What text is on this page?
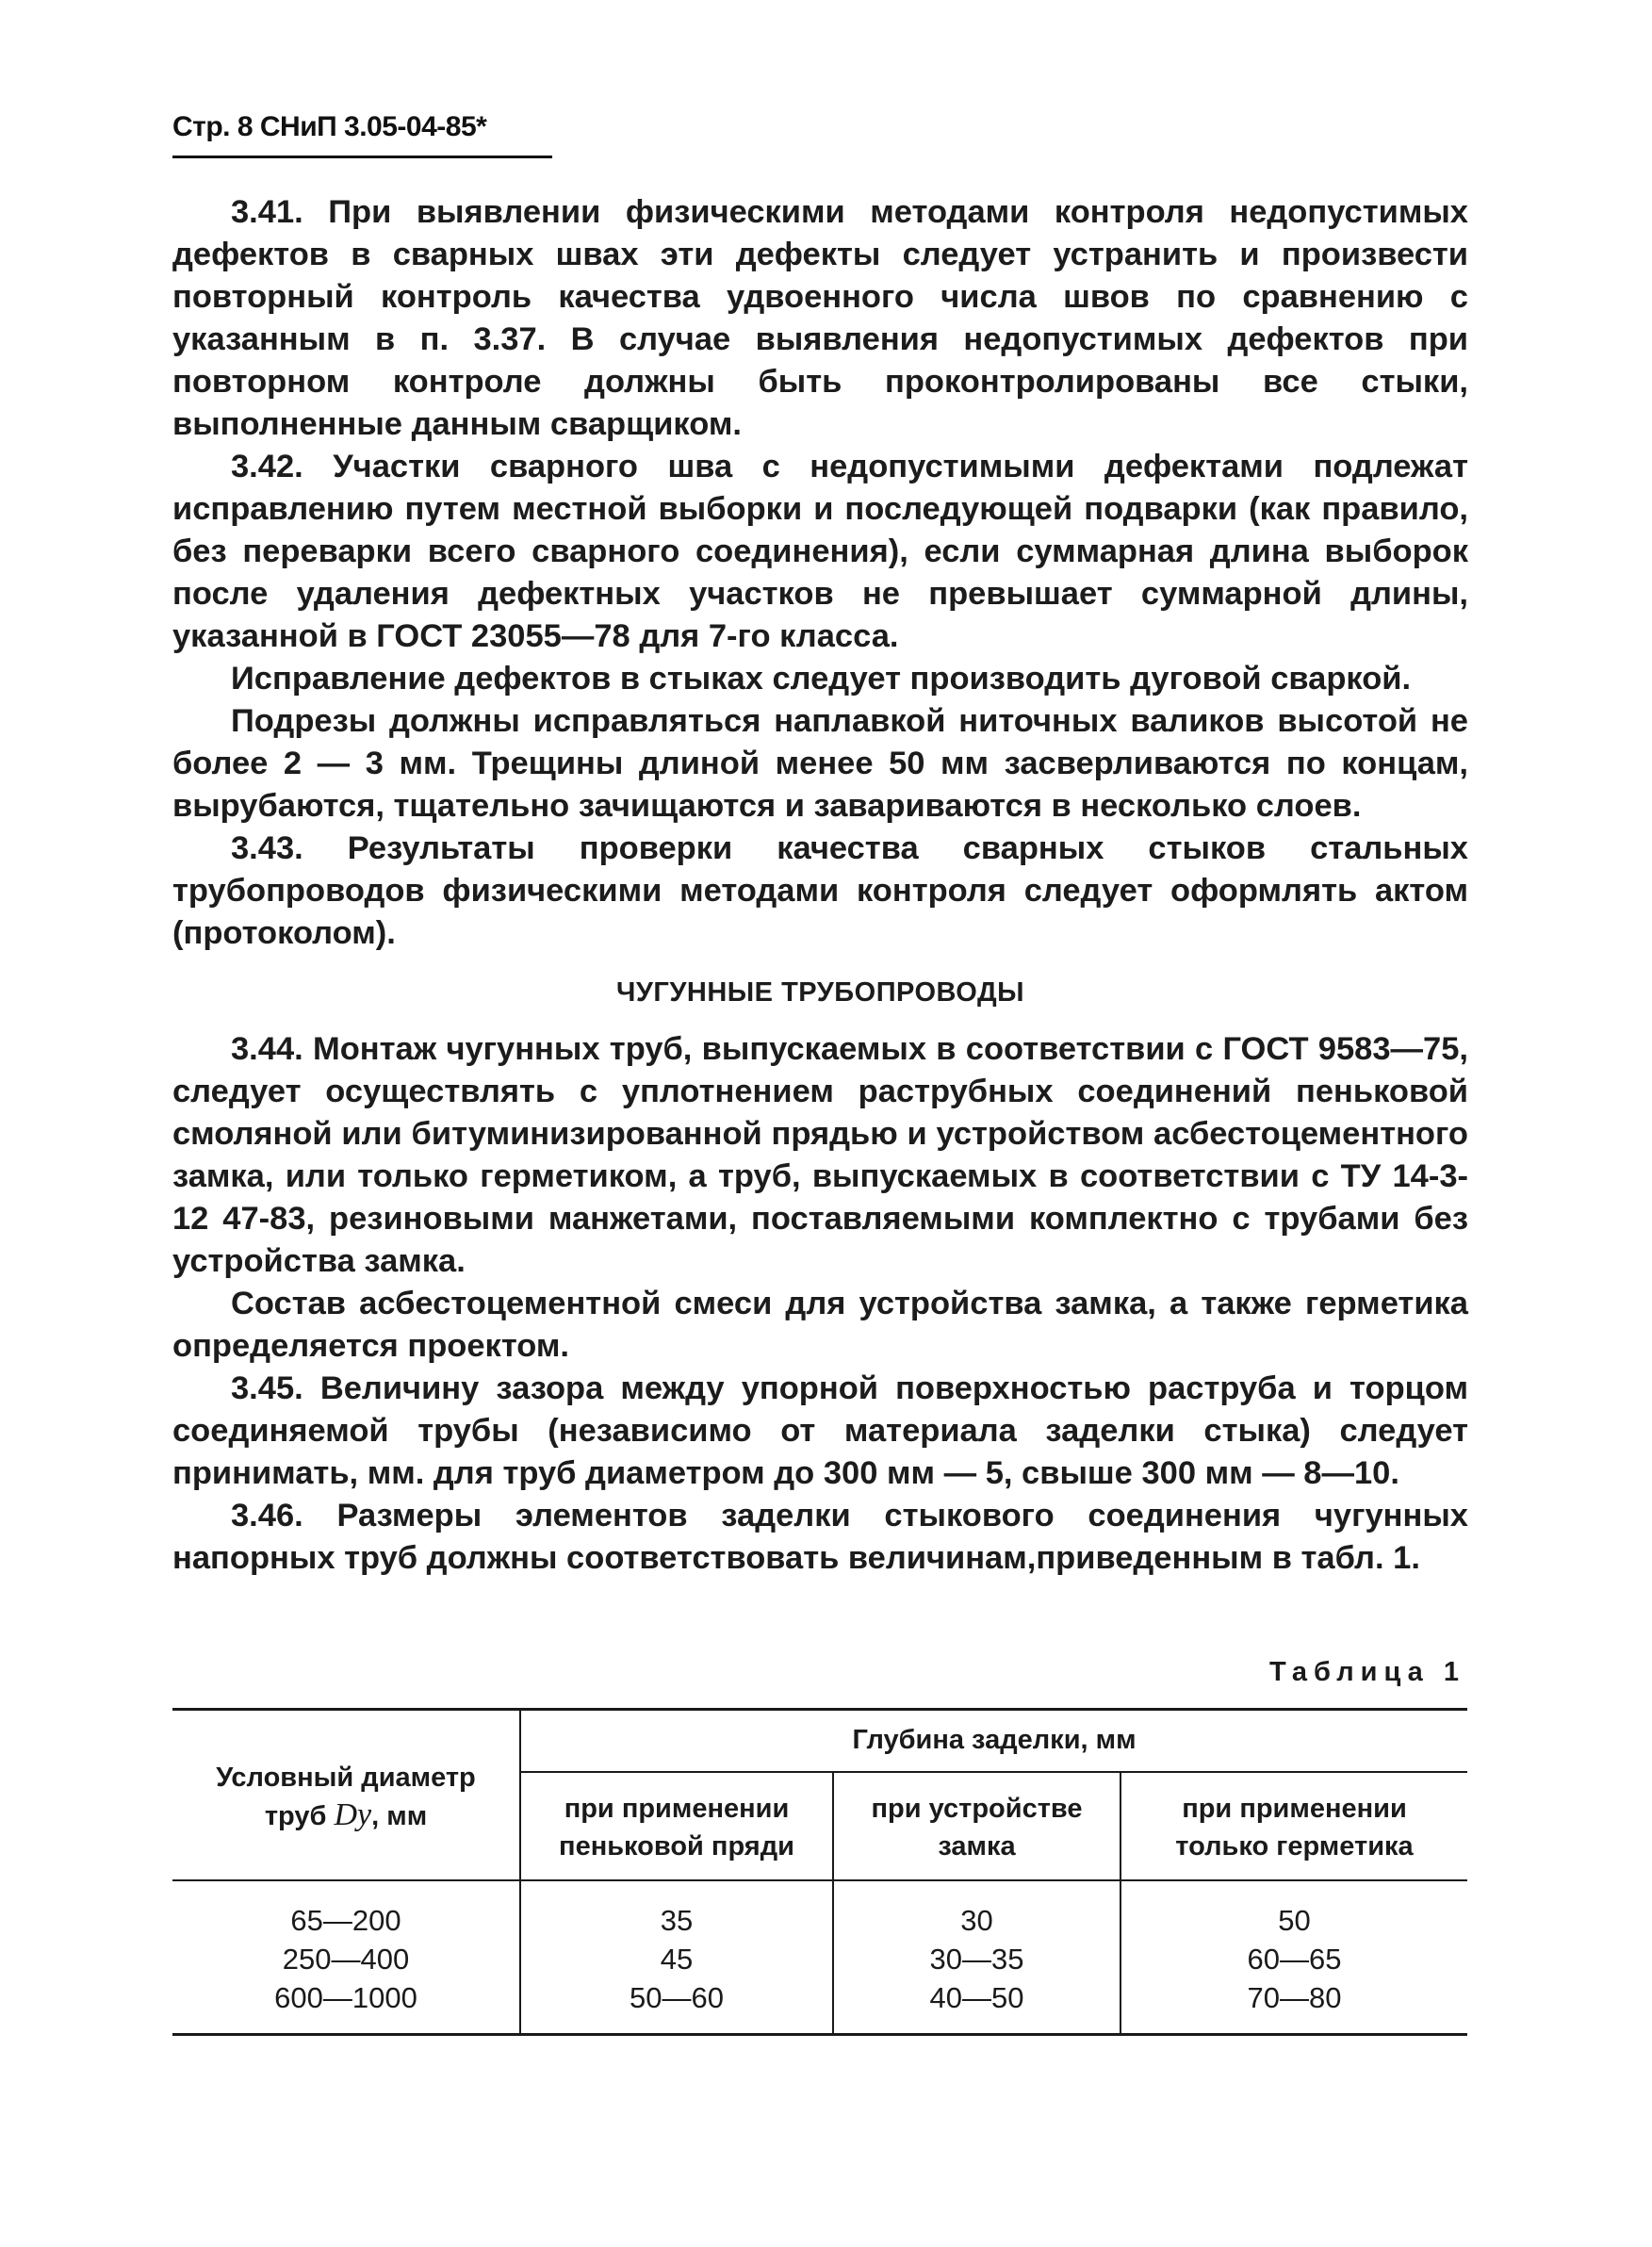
Стр. 8 СНиП 3.05-04-85*

3.41. При выявлении физическими методами контроля недопустимых дефектов в сварных швах эти дефекты следует устранить и произвести повторный контроль качества удвоенного числа швов по сравнению с указанным в п. 3.37. В случае выявления недопустимых дефектов при повторном контроле должны быть проконтролированы все стыки, выполненные данным сварщиком.

3.42. Участки сварного шва с недопустимыми дефектами подлежат исправлению путем местной выборки и последующей подварки (как правило, без переварки всего сварного соединения), если суммарная длина выборок после удаления дефектных участков не превышает суммарной длины, указанной в ГОСТ 23055—78 для 7-го класса.

Исправление дефектов в стыках следует производить дуговой сваркой.

Подрезы должны исправляться наплавкой ниточных валиков высотой не более 2 — 3 мм. Трещины длиной менее 50 мм засверливаются по концам, вырубаются, тщательно зачищаются и завариваются в несколько слоев.

3.43. Результаты проверки качества сварных стыков стальных трубопроводов физическими методами контроля следует оформлять актом (протоколом).

ЧУГУННЫЕ ТРУБОПРОВОДЫ

3.44. Монтаж чугунных труб, выпускаемых в соответствии с ГОСТ 9583—75, следует осуществлять с уплотнением раструбных соединений пеньковой смоляной или битуминизированной прядью и устройством асбестоцементного замка, или только герметиком, а труб, выпускаемых в соответствии с ТУ 14-3-12 47-83, резиновыми манжетами, поставляемыми комплектно с трубами без устройства замка.

Состав асбестоцементной смеси для устройства замка, а также герметика определяется проектом.

3.45. Величину зазора между упорной поверхностью раструба и торцом соединяемой трубы (независимо от материала заделки стыка) следует принимать, мм. для труб диаметром до 300 мм — 5, свыше 300 мм — 8—10.

3.46. Размеры элементов заделки стыкового соединения чугунных напорных труб должны соответствовать величинам,приведенным в табл. 1.

Таблица 1
Условный диаметр
труб Dy, мм
Глубина заделки, мм
при применении
пеньковой пряди
при устройстве
замка
при применении
только герметика
65—200
250—400
600—1000
35
45
50—60
30
30—35
40—50
50
60—65
70—80
